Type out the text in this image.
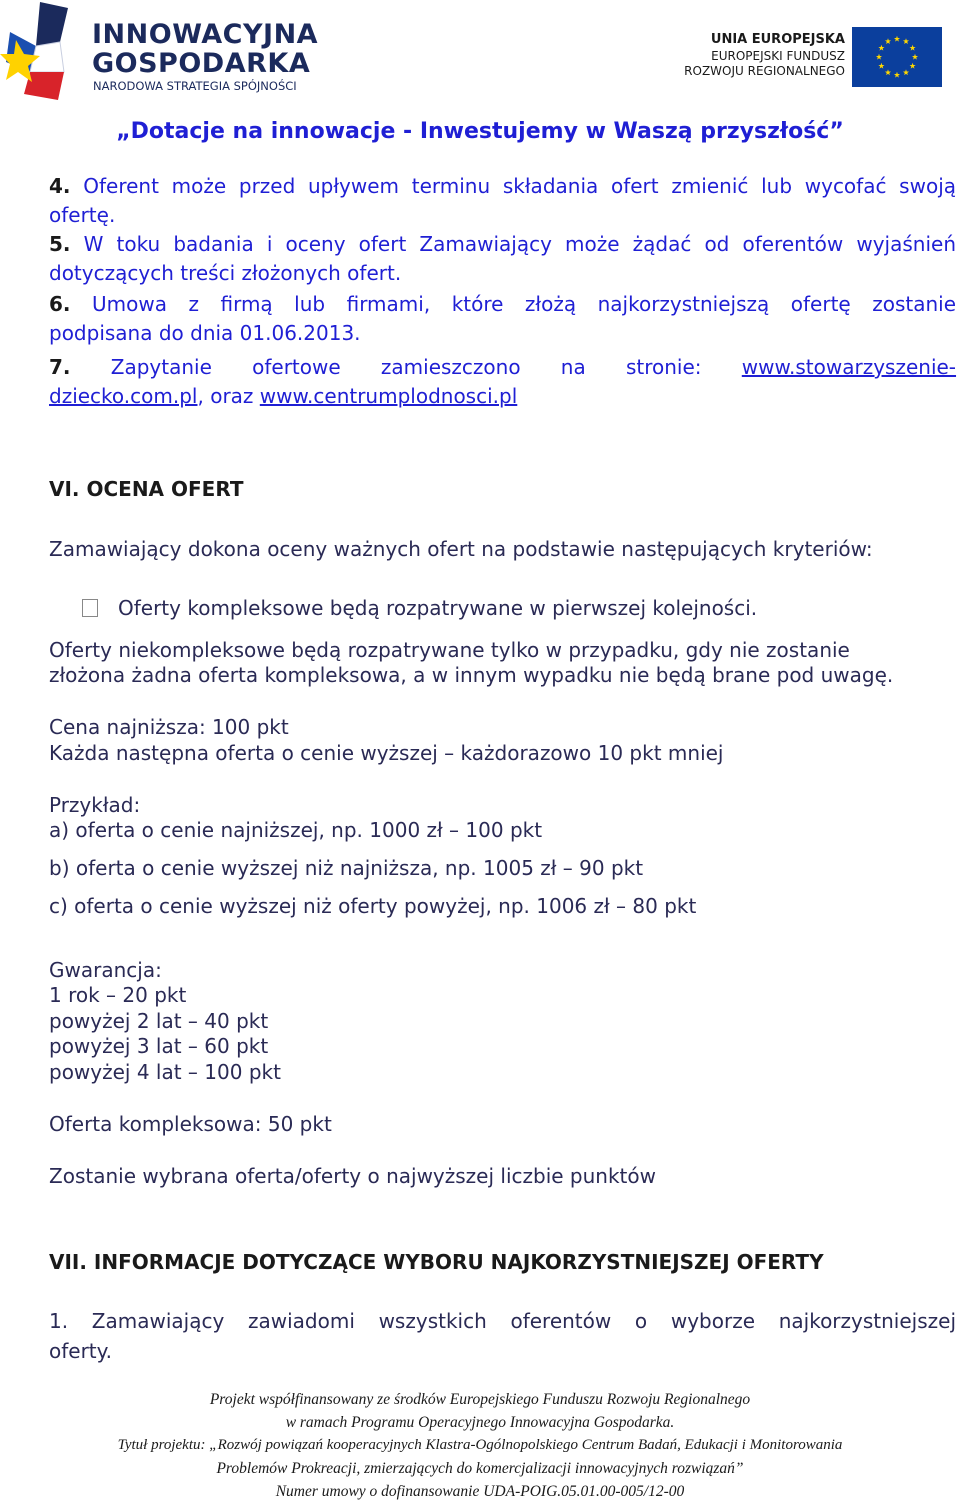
INNOWACYJNA
GOSPODARKA
NARODOWA STRATEGIA SPÓJNOŚCI
UNIA EUROPEJSKA
EUROPEJSKI FUNDUSZ
ROZWOJU REGIONALNEGO
„Dotacje na innowacje - Inwestujemy w Waszą przyszłość”
4. Oferent może przed upływem terminu składania ofert zmienić lub wycofać swoją
ofertę.
5. W toku badania i oceny ofert Zamawiający może żądać od oferentów wyjaśnień
dotyczących treści złożonych ofert.
6. Umowa z firmą lub firmami, które złożą najkorzystniejszą ofertę zostanie
podpisana do dnia 01.06.2013.
7. Zapytanie ofertowe zamieszczono na stronie: www.stowarzyszenie-
dziecko.com.pl, oraz www.centrumplodnosci.pl
VI. OCENA OFERT
Zamawiający dokona oceny ważnych ofert na podstawie następujących kryteriów:
Oferty kompleksowe będą rozpatrywane w pierwszej kolejności.
Oferty niekompleksowe będą rozpatrywane tylko w przypadku, gdy nie zostanie
złożona żadna oferta kompleksowa, a w innym wypadku nie będą brane pod uwagę.
Cena najniższa: 100 pkt
Każda następna oferta o cenie wyższej – każdorazowo 10 pkt mniej
Przykład:
a) oferta o cenie najniższej, np. 1000 zł – 100 pkt
b) oferta o cenie wyższej niż najniższa, np. 1005 zł – 90 pkt
c) oferta o cenie wyższej niż oferty powyżej, np. 1006 zł – 80 pkt
Gwarancja:
1 rok – 20 pkt
powyżej 2 lat – 40 pkt
powyżej 3 lat – 60 pkt
powyżej 4 lat – 100 pkt
Oferta kompleksowa: 50 pkt
Zostanie wybrana oferta/oferty o najwyższej liczbie punktów
VII. INFORMACJE DOTYCZĄCE WYBORU NAJKORZYSTNIEJSZEJ OFERTY
1. Zamawiający zawiadomi wszystkich oferentów o wyborze najkorzystniejszej
oferty.
Projekt współfinansowany ze środków Europejskiego Funduszu Rozwoju Regionalnego
w ramach Programu Operacyjnego Innowacyjna Gospodarka.
Tytuł projektu: „Rozwój powiązań kooperacyjnych Klastra-Ogólnopolskiego Centrum Badań, Edukacji i Monitorowania
Problemów Prokreacji, zmierzających do komercjalizacji innowacyjnych rozwiązań”
Numer umowy o dofinansowanie UDA-POIG.05.01.00-005/12-00
